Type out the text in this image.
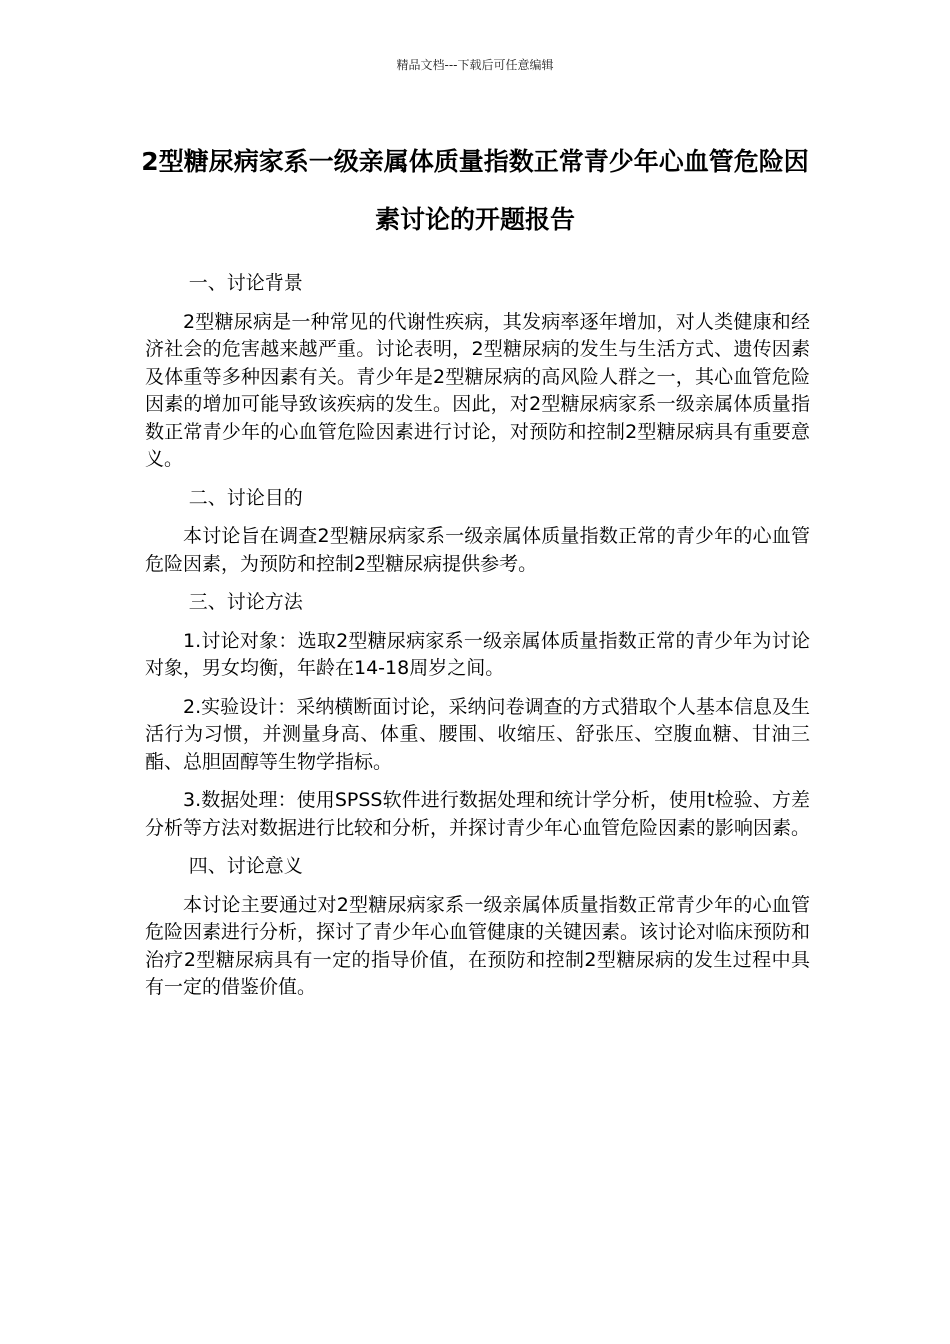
精品文档---下载后可任意编辑
2型糖尿病家系一级亲属体质量指数正常青少年心血管危险因素讨论的开题报告
一、讨论背景

2型糖尿病是一种常见的代谢性疾病，其发病率逐年增加，对人类健康和经济社会的危害越来越严重。讨论表明，2型糖尿病的发生与生活方式、遗传因素及体重等多种因素有关。青少年是2型糖尿病的高风险人群之一，其心血管危险因素的增加可能导致该疾病的发生。因此，对2型糖尿病家系一级亲属体质量指数正常青少年的心血管危险因素进行讨论，对预防和控制2型糖尿病具有重要意义。

二、讨论目的

本讨论旨在调查2型糖尿病家系一级亲属体质量指数正常的青少年的心血管危险因素，为预防和控制2型糖尿病提供参考。

三、讨论方法

1.讨论对象：选取2型糖尿病家系一级亲属体质量指数正常的青少年为讨论对象，男女均衡，年龄在14-18周岁之间。

2.实验设计：采纳横断面讨论，采纳问卷调查的方式猎取个人基本信息及生活行为习惯，并测量身高、体重、腰围、收缩压、舒张压、空腹血糖、甘油三酯、总胆固醇等生物学指标。

3.数据处理：使用SPSS软件进行数据处理和统计学分析，使用t检验、方差分析等方法对数据进行比较和分析，并探讨青少年心血管危险因素的影响因素。

四、讨论意义

本讨论主要通过对2型糖尿病家系一级亲属体质量指数正常青少年的心血管危险因素进行分析，探讨了青少年心血管健康的关键因素。该讨论对临床预防和治疗2型糖尿病具有一定的指导价值，在预防和控制2型糖尿病的发生过程中具有一定的借鉴价值。
